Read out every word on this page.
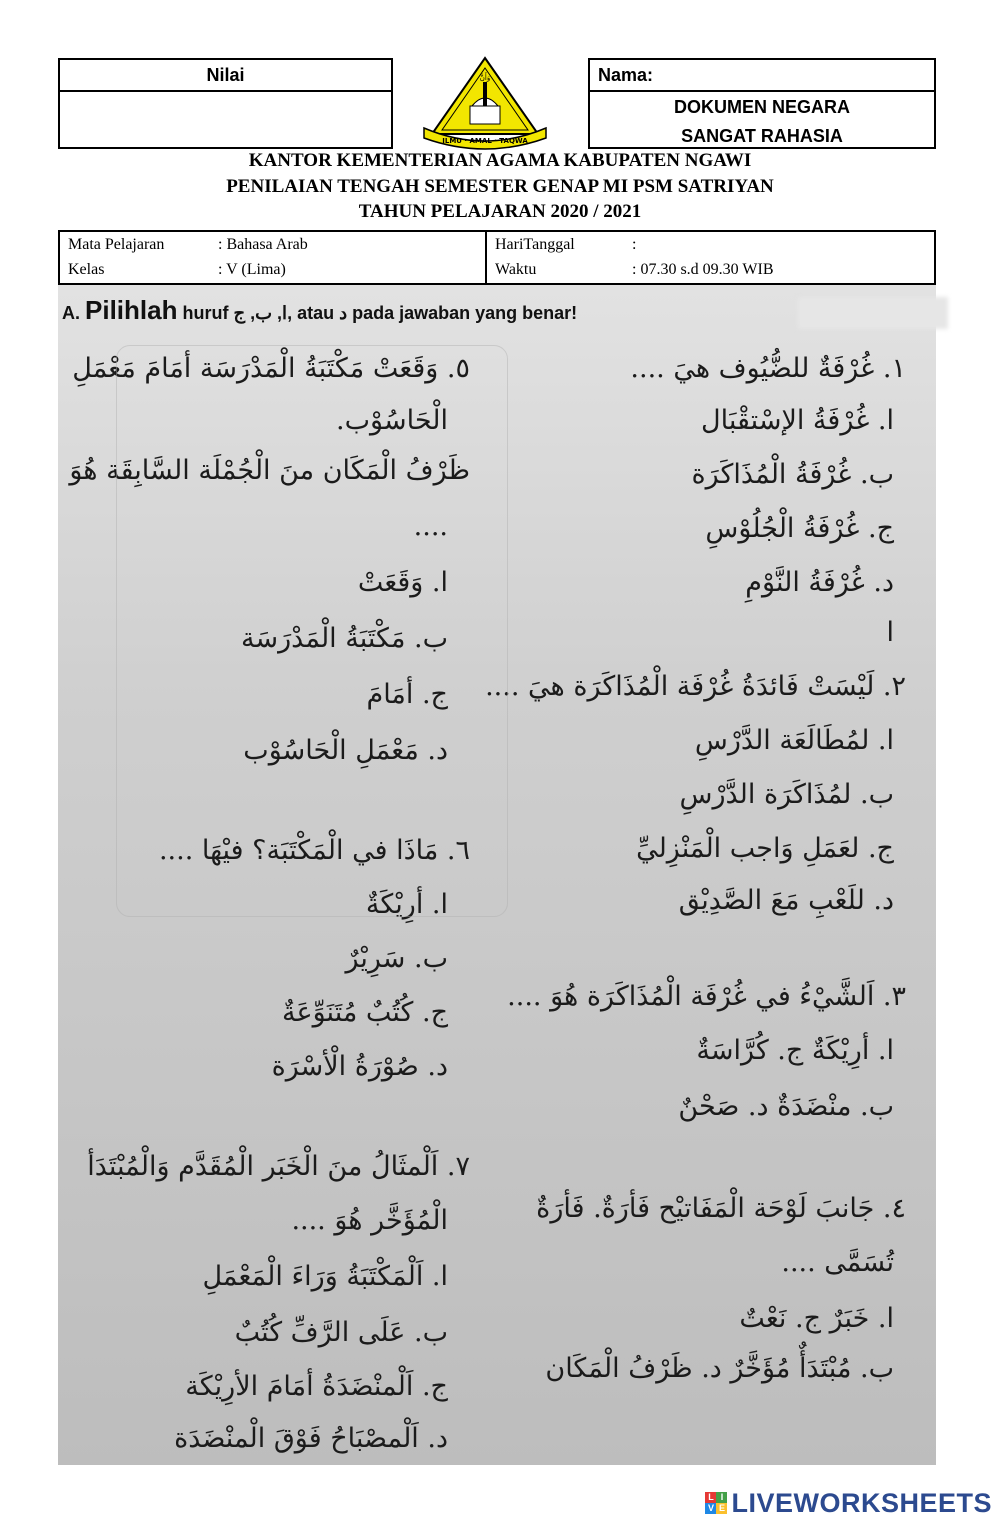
Nilai	وَأَنَّ
ILMU · AMAL · TAQWA
Nama:
DOKUMEN NEGARA
SANGAT RAHASIA
KANTOR KEMENTERIAN AGAMA KABUPATEN NGAWI
PENILAIAN TENGAH SEMESTER GENAP MI PSM SATRIYAN
TAHUN PELAJARAN 2020 / 2021
Mata Pelajaran	: Bahasa Arab
Kelas	: V (Lima)
HariTanggal	:
Waktu	: 07.30 s.d 09.30 WIB
A. Pilihlah huruf ا, ب, ج, atau د pada jawaban yang benar!
١. غُرْفَةٌ للضُّيُوف هيَ ....
ا. غُرْفَةُ الإسْتقْبَال
ب. غُرْفَةُ الْمُذَاكَرَة
ج. غُرْفَةُ الْجُلُوْسِ
د. غُرْفَةُ النَّوْمِ
ا
٢. لَيْسَتْ فَائدَةُ غُرْفَة الْمُذَاكَرَة هيَ ....
ا. لمُطَالَعَة الدَّرْسِ
ب. لمُذَاكَرَة الدَّرْسِ
ج. لعَمَلِ وَاجب الْمَنْزِليِّ
د. للَعْبِ مَعَ الصَّدِيْق
٣. اَلشَّيْءُ في غُرْفَة الْمُذَاكَرَة هُوَ ....
ا. أرِيْكَةٌ ج. كُرَّاسَةٌ
ب. منْضَدَةٌ د. صَحْنٌ
٤. جَانبَ لَوْحَة الْمَفَاتيْح فَأرَةٌ. فَأرَةٌ
تُسَمَّى ....
ا. خَبَرٌ ج. نَعْتٌ
ب. مُبْتَدَأٌ مُؤَخَّرٌ د. ظَرْفُ الْمَكَان
٥. وَقَعَتْ مَكْتَبَةُ الْمَدْرَسَة أمَامَ مَعْمَلِ
الْحَاسُوْب.
ظَرْفُ الْمَكَان منَ الْجُمْلَة السَّابِقَة هُوَ
....
ا. وَقَعَتْ
ب. مَكْتَبَةُ الْمَدْرَسَة
ج. أمَامَ
د. مَعْمَلِ الْحَاسُوْب
٦. مَاذَا في الْمَكْتَبَة؟ فيْهَا ....
ا. أرِيْكَةٌ
ب. سَرِيْرٌ
ج. كُتُبٌ مُتَنَوِّعَةٌ
د. صُوْرَةُ الْأسْرَة
٧. اَلْمثَالُ منَ الْخَبَر الْمُقَدَّم وَالْمُبْتَدَأ
الْمُؤَخَّر هُوَ ....
ا. اَلْمَكْتَبَةُ وَرَاءَ الْمَعْمَلِ
ب. عَلَى الرَّفِّ كُتُبٌ
ج. اَلْمنْضَدَةُ أمَامَ الأرِيْكَة
د. اَلْمصْبَاحُ فَوْقَ الْمنْضَدَة
L I
V E LIVEWORKSHEETS
